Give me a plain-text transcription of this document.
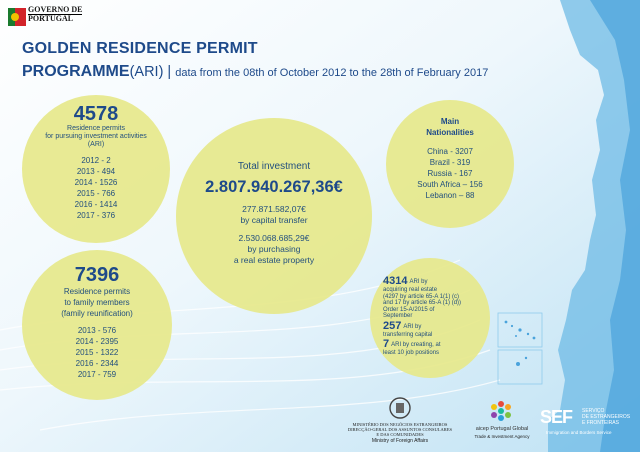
GOVERNO DE
PORTUGAL
GOLDEN RESIDENCE PERMIT
PROGRAMME(ARI) | data from the 08th of October 2012 to the 28th of February 2017
4578
Residence permits
for pursuing investment activities
(ARI)
2012 - 2
2013 - 494
2014 - 1526
2015 - 766
2016 - 1414
2017 - 376
7396
Residence permits
to family members
(family reunification)
2013 - 576
2014 - 2395
2015 - 1322
2016 - 2344
2017 - 759
Total investment
2.807.940.267,36€
277.871.582,07€
by capital transfer
2.530.068.685,29€
by purchasing
a real estate property
Main
Nationalities
China - 3207
Brazil - 319
Russia - 167
South Africa – 156
Lebanon – 88
4314 ARI by
acquiring real estate
(4297 by article 65-A 1(1) (c)
and 17 by article 65-A (1) (d))
Order 15-A/2015 of
September
257 ARI by
transferring capital
7 ARI by creating, at
least 10 job positions
MINISTÉRIO DOS NEGÓCIOS ESTRANGEIROS
DIRECÇÃO-GERAL DOS ASSUNTOS CONSULARES
E DAS COMUNIDADES
Ministry of Foreign Affairs
aicep Portugal Global
Trade & Investment Agency
SEF SERVIÇO
DE ESTRANGEIROS
E FRONTEIRAS
Immigration and Borders Service
